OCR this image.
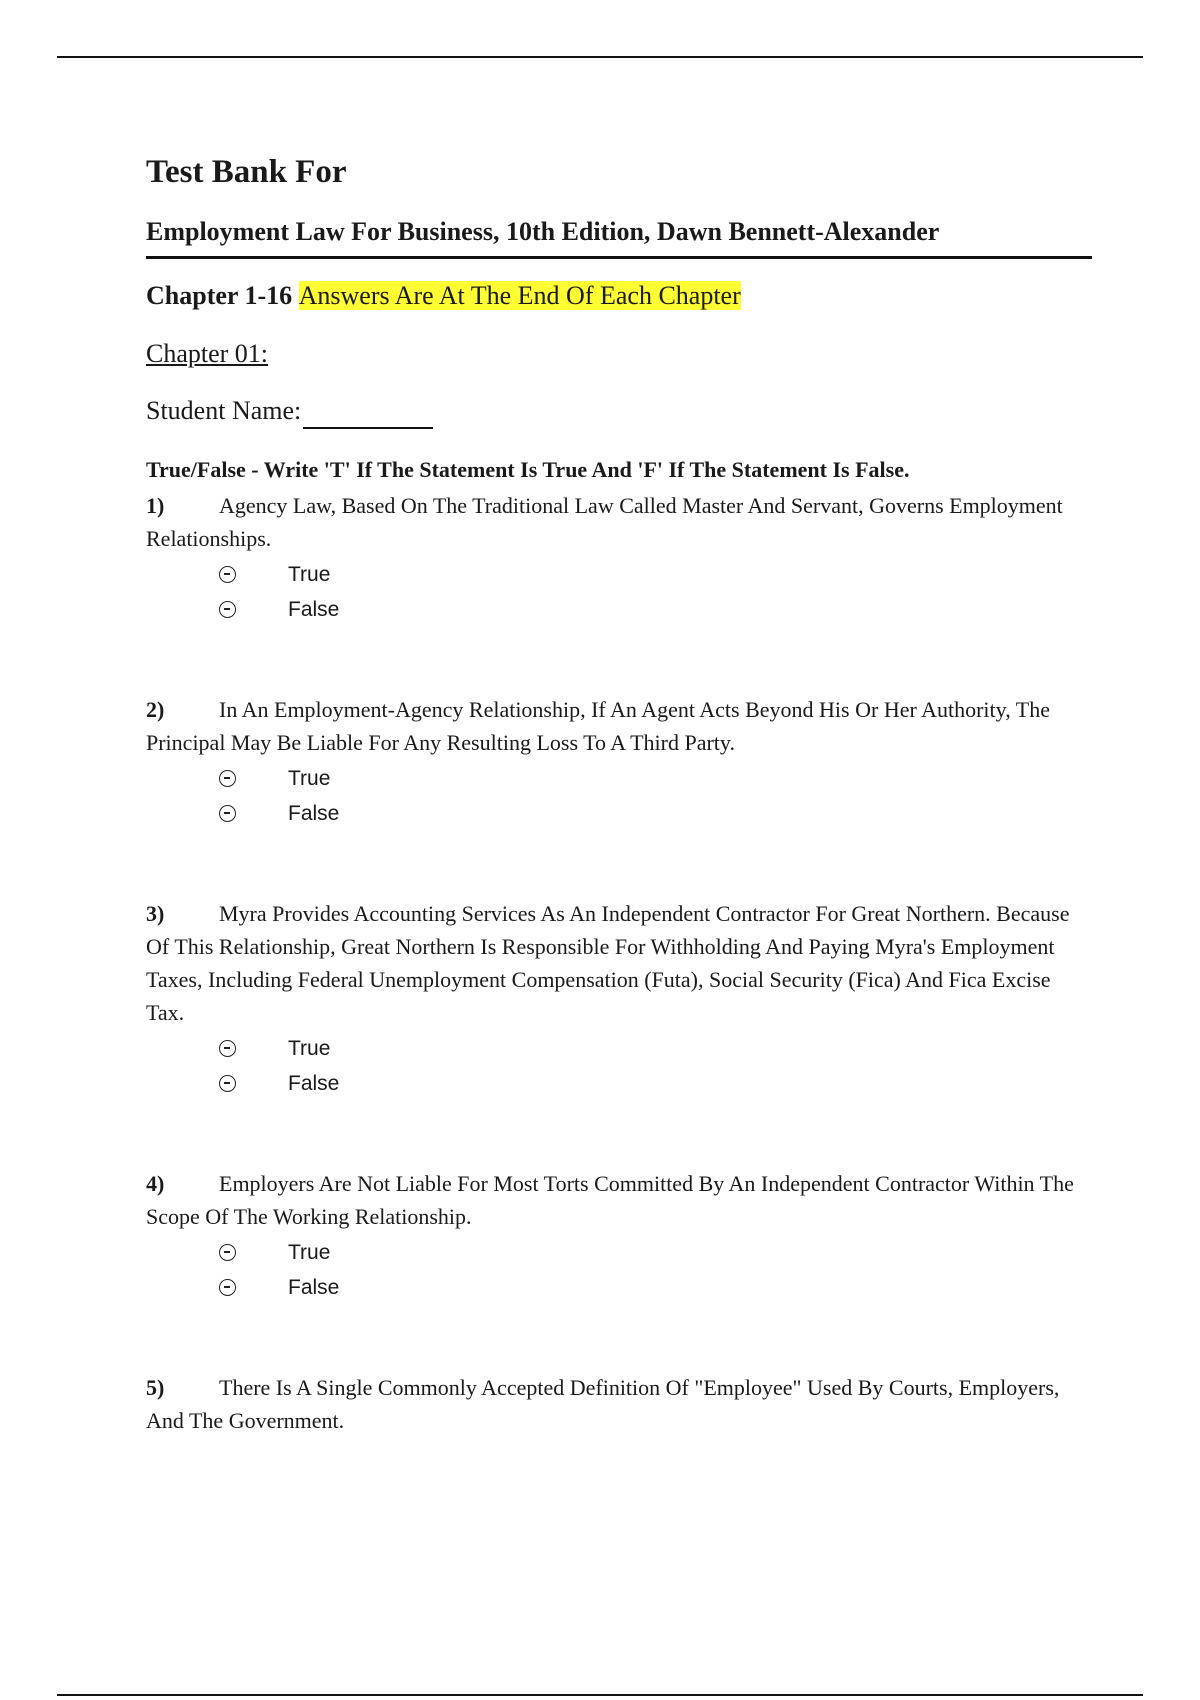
Test Bank For
Employment Law For Business, 10th Edition, Dawn Bennett-Alexander
Chapter 1-16 Answers Are At The End Of Each Chapter
Chapter 01:
Student Name:
True/False - Write 'T' If The Statement Is True And 'F' If The Statement Is False.

1) Agency Law, Based On The Traditional Law Called Master And Servant, Governs Employment Relationships.

True
False

2) In An Employment-Agency Relationship, If An Agent Acts Beyond His Or Her Authority, The Principal May Be Liable For Any Resulting Loss To A Third Party.

True
False

3) Myra Provides Accounting Services As An Independent Contractor For Great Northern. Because Of This Relationship, Great Northern Is Responsible For Withholding And Paying Myra's Employment Taxes, Including Federal Unemployment Compensation (Futa), Social Security (Fica) And Fica Excise Tax.

True
False

4) Employers Are Not Liable For Most Torts Committed By An Independent Contractor Within The Scope Of The Working Relationship.

True
False

5) There Is A Single Commonly Accepted Definition Of "Employee" Used By Courts, Employers, And The Government.
